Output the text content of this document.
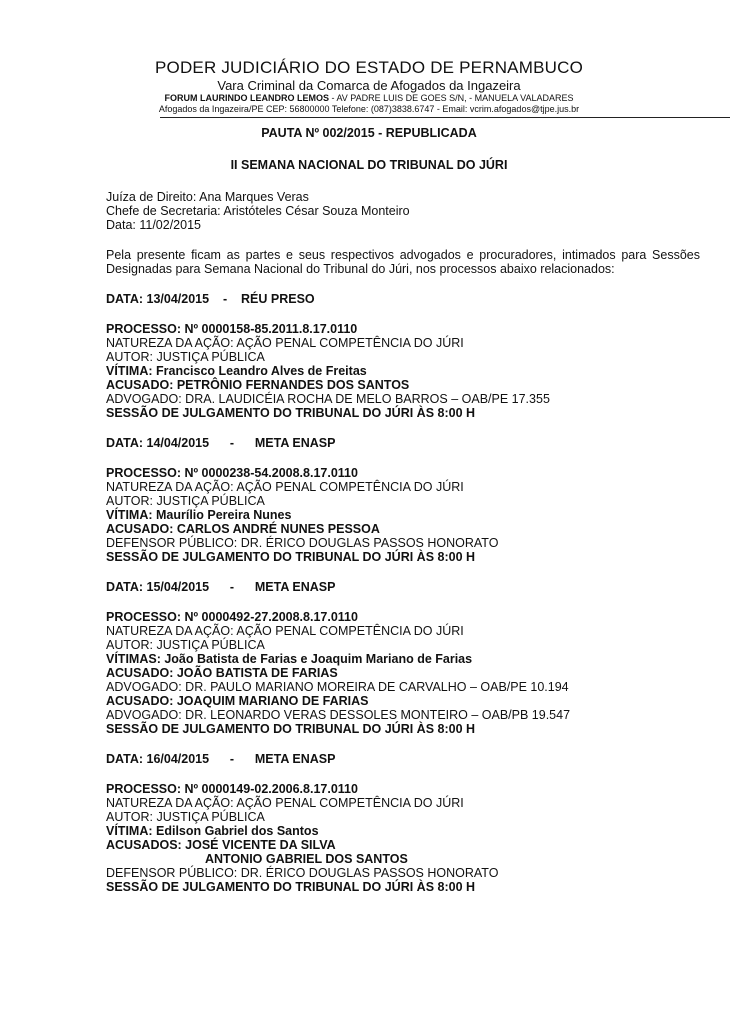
PODER JUDICIÁRIO DO ESTADO DE PERNAMBUCO
Vara Criminal da Comarca de Afogados da Ingazeira
FORUM LAURINDO LEANDRO LEMOS - AV PADRE LUIS DE GOES S/N, - MANUELA VALADARES
Afogados da Ingazeira/PE CEP: 56800000 Telefone: (087)3838.6747 - Email: vcrim.afogados@tjpe.jus.br
PAUTA Nº 002/2015 - REPUBLICADA
II SEMANA NACIONAL DO TRIBUNAL DO JÚRI
Juíza de Direito: Ana Marques Veras
Chefe de Secretaria: Aristóteles César Souza Monteiro
Data: 11/02/2015
Pela presente ficam as partes e seus respectivos advogados e procuradores, intimados para Sessões Designadas para Semana Nacional do Tribunal do Júri, nos processos abaixo relacionados:
DATA: 13/04/2015    -    RÉU PRESO
PROCESSO: Nº 0000158-85.2011.8.17.0110
NATUREZA DA AÇÃO: AÇÃO PENAL COMPETÊNCIA DO JÚRI
AUTOR: JUSTIÇA PÚBLICA
VÍTIMA: Francisco Leandro Alves de Freitas
ACUSADO: PETRÔNIO FERNANDES DOS SANTOS
ADVOGADO: DRA. LAUDICÉIA ROCHA DE MELO BARROS – OAB/PE 17.355
SESSÃO DE JULGAMENTO DO TRIBUNAL DO JÚRI ÀS 8:00 H
DATA: 14/04/2015      -      META ENASP
PROCESSO: Nº 0000238-54.2008.8.17.0110
NATUREZA DA AÇÃO: AÇÃO PENAL COMPETÊNCIA DO JÚRI
AUTOR: JUSTIÇA PÚBLICA
VÍTIMA: Maurílio Pereira Nunes
ACUSADO: CARLOS ANDRÉ NUNES PESSOA
DEFENSOR PÚBLICO: DR. ÉRICO DOUGLAS PASSOS HONORATO
SESSÃO DE JULGAMENTO DO TRIBUNAL DO JÚRI ÀS 8:00 H
DATA: 15/04/2015      -      META ENASP
PROCESSO: Nº 0000492-27.2008.8.17.0110
NATUREZA DA AÇÃO: AÇÃO PENAL COMPETÊNCIA DO JÚRI
AUTOR: JUSTIÇA PÚBLICA
VÍTIMAS: João Batista de Farias e Joaquim Mariano de Farias
ACUSADO: JOÃO BATISTA DE FARIAS
ADVOGADO: DR. PAULO MARIANO MOREIRA DE CARVALHO – OAB/PE 10.194
ACUSADO: JOAQUIM MARIANO DE FARIAS
ADVOGADO: DR. LEONARDO VERAS DESSOLES MONTEIRO – OAB/PB 19.547
SESSÃO DE JULGAMENTO DO TRIBUNAL DO JÚRI ÀS 8:00 H
DATA: 16/04/2015      -      META ENASP
PROCESSO: Nº 0000149-02.2006.8.17.0110
NATUREZA DA AÇÃO: AÇÃO PENAL COMPETÊNCIA DO JÚRI
AUTOR: JUSTIÇA PÚBLICA
VÍTIMA: Edilson Gabriel dos Santos
ACUSADOS: JOSÉ VICENTE DA SILVA
ANTONIO GABRIEL DOS SANTOS
DEFENSOR PÚBLICO: DR. ÉRICO DOUGLAS PASSOS HONORATO
SESSÃO DE JULGAMENTO DO TRIBUNAL DO JÚRI ÀS 8:00 H
